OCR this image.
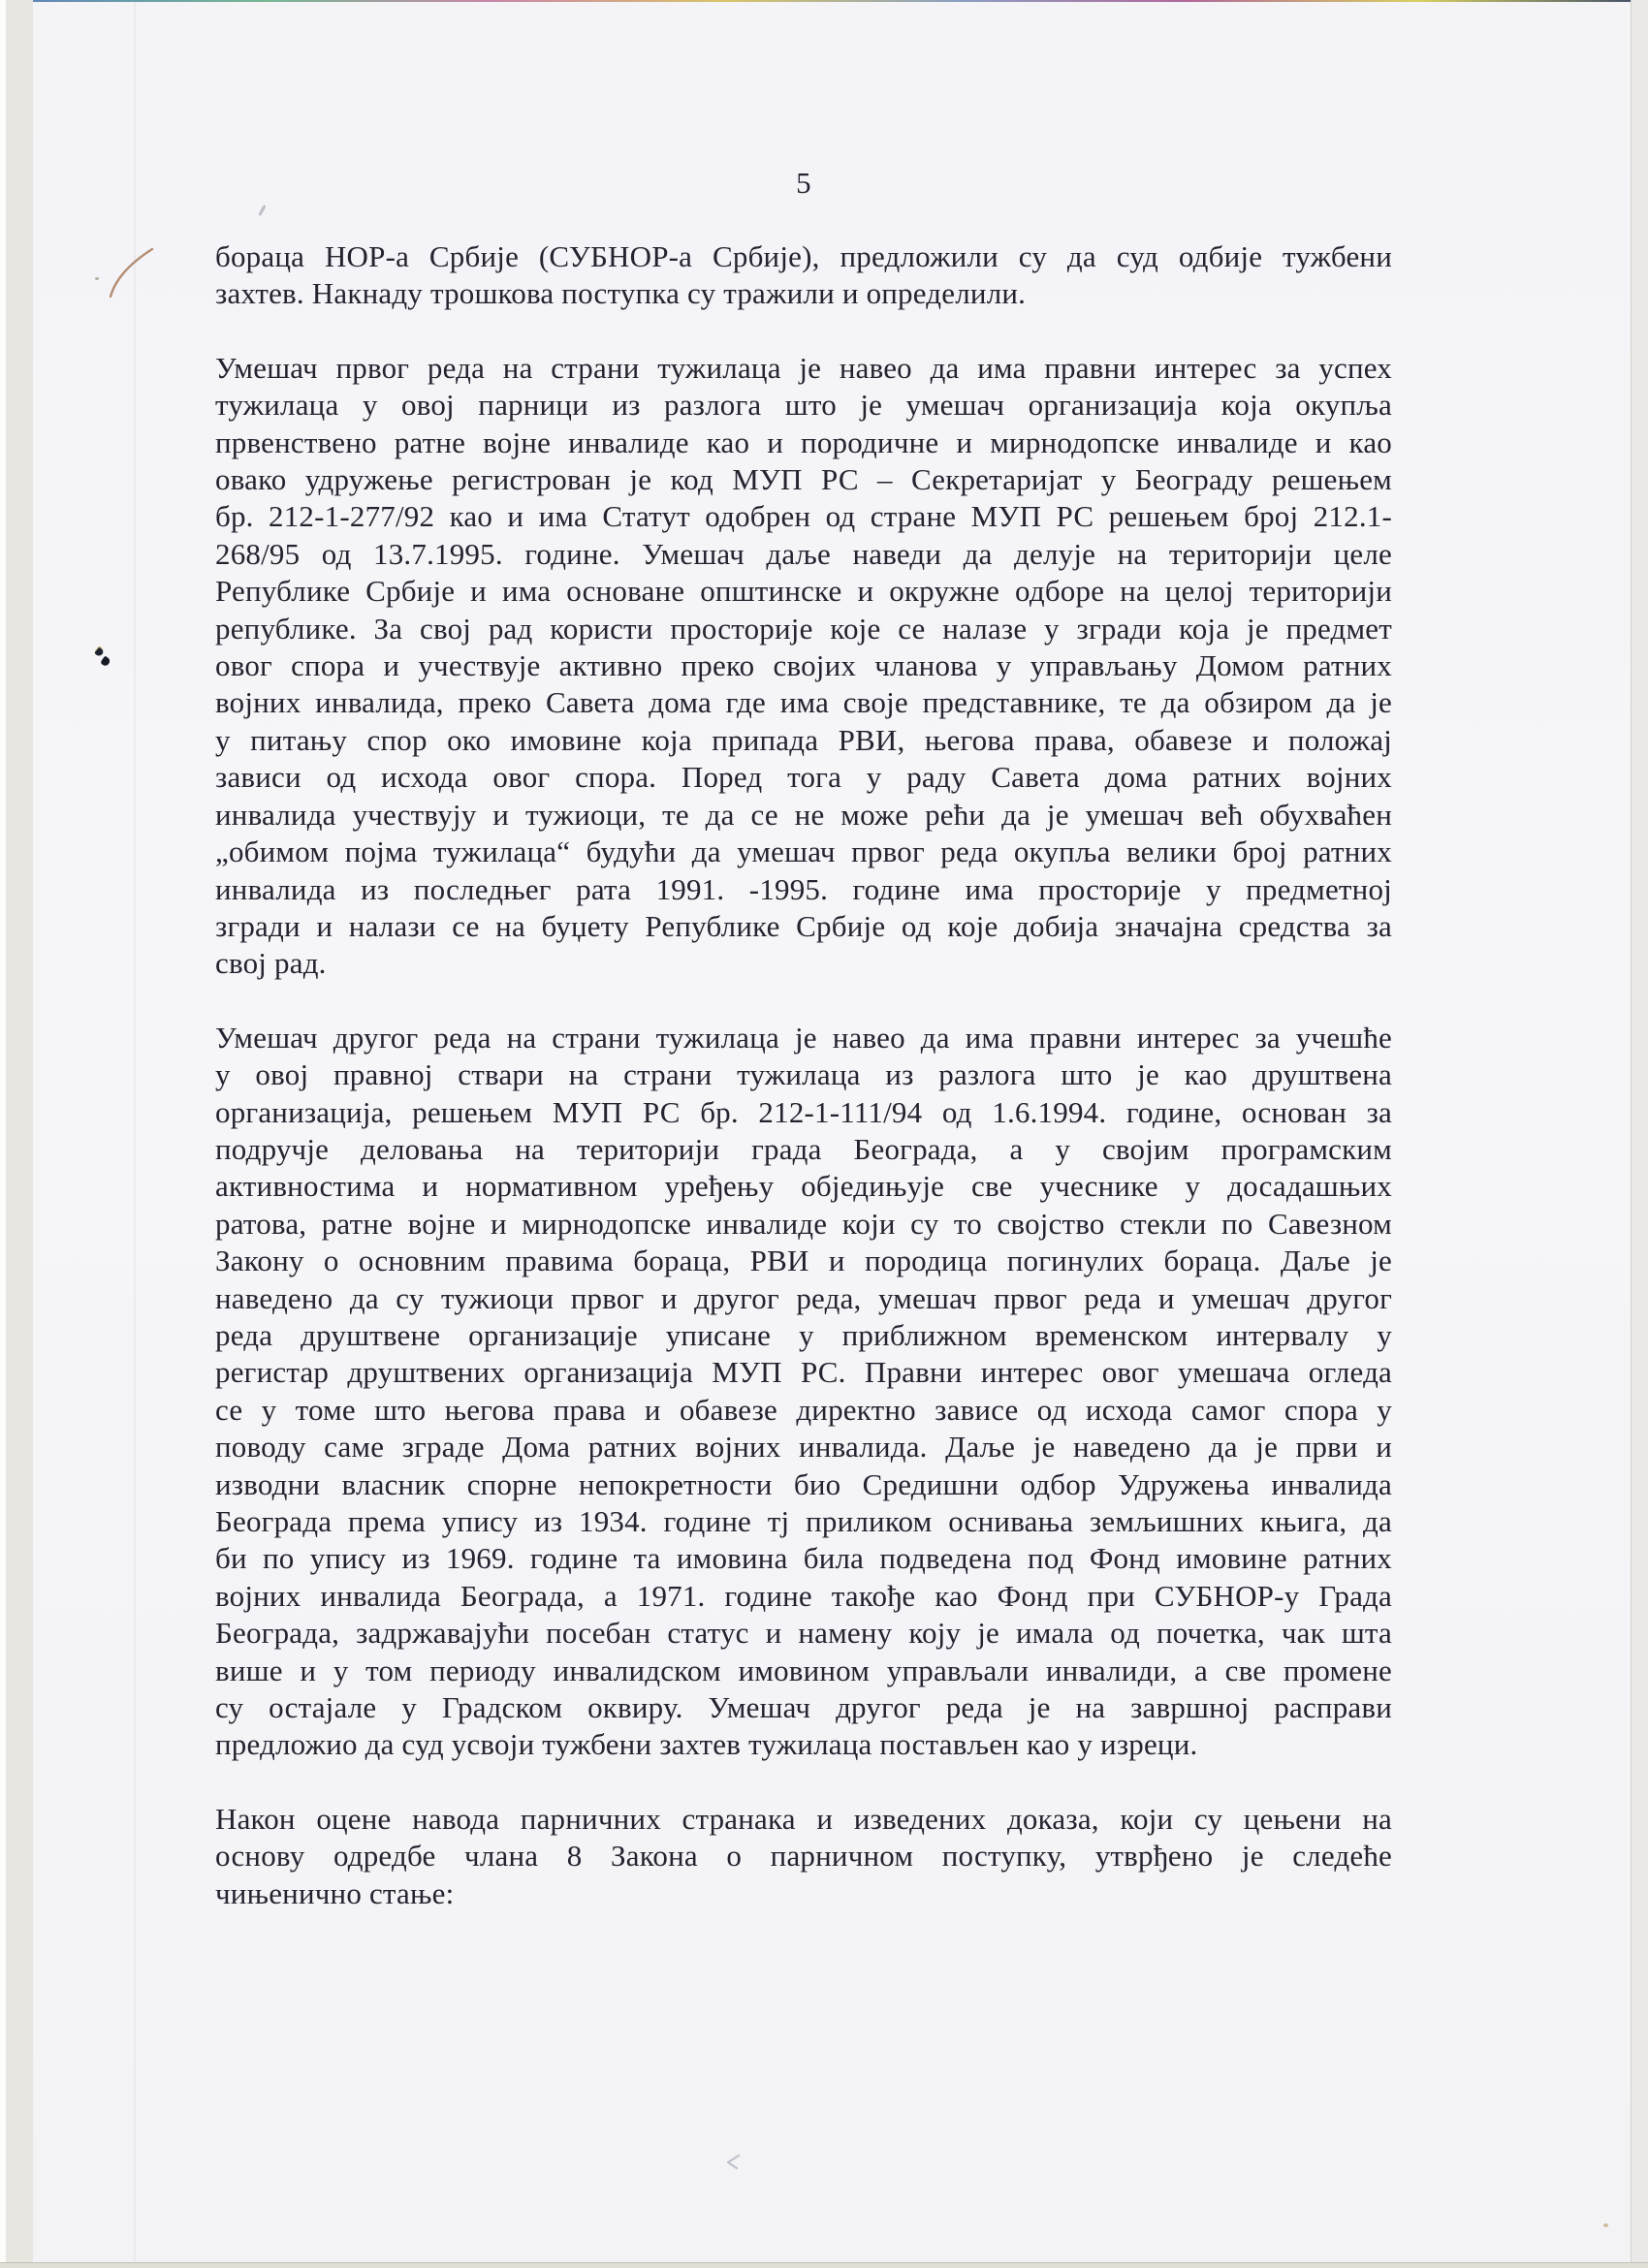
5
бораца НОР-а Србије (СУБНОР-а Србије), предложили су да суд одбије тужбени
захтев. Накнаду трошкова поступка су тражили и определили.
Умешач првог реда на страни тужилаца је навео да има правни интерес за успех
тужилаца у овој парници из разлога што је умешач организација која окупља
првенствено ратне војне инвалиде као и породичне и мирнодопске инвалиде и као
овако удружење регистрован је код МУП РС – Секретаријат у Београду решењем
бр. 212-1-277/92 као и има Статут одобрен од стране МУП РС решењем број 212.1-
268/95 од 13.7.1995. године. Умешач даље наведи да делује на територији целе
Републике Србије и има основане општинске и окружне одборе на целој територији
републике. За свој рад користи просторије које се налазе у згради која је предмет
овог спора и учествује активно преко својих чланова у управљању Домом ратних
војних инвалида, преко Савета дома где има своје представнике, те да обзиром да је
у питању спор око имовине која припада РВИ, његова права, обавезе и положај
зависи од исхода овог спора. Поред тога у раду Савета дома ратних војних
инвалида учествују и тужиоци, те да се не може рећи да је умешач већ обухваћен
„обимом појма тужилаца“ будући да умешач првог реда окупља велики број ратних
инвалида из последњег рата 1991. -1995. године има просторије у предметној
згради и налази се на буџету Републике Србије од које добија значајна средства за
свој рад.
Умешач другог реда на страни тужилаца је навео да има правни интерес за учешће
у овој правној ствари на страни тужилаца из разлога што је као друштвена
организација, решењем МУП РС бр. 212-1-111/94 од 1.6.1994. године, основан за
подручје деловања на територији града Београда, а у својим програмским
активностима и нормативном уређењу обједињује све учеснике у досадашњих
ратова, ратне војне и мирнодопске инвалиде који су то својство стекли по Савезном
Закону о основним правима бораца, РВИ и породица погинулих бораца. Даље је
наведено да су тужиоци првог и другог реда, умешач првог реда и умешач другог
реда друштвене организације уписане у приближном временском интервалу у
регистар друштвених организација МУП РС. Правни интерес овог умешача огледа
се у томе што његова права и обавезе директно зависе од исхода самог спора у
поводу саме зграде Дома ратних војних инвалида. Даље је наведено да је први и
изводни власник спорне непокретности био Средишни одбор Удружења инвалида
Београда према упису из 1934. године тј приликом оснивања земљишних књига, да
би по упису из 1969. године та имовина била подведена под Фонд имовине ратних
војних инвалида Београда, а 1971. године такође као Фонд при СУБНОР-у Града
Београда, задржавајући посебан статус и намену коју је имала од почетка, чак шта
више и у том периоду инвалидском имовином управљали инвалиди, а све промене
су остајале у Градском оквиру. Умешач другог реда је на завршној расправи
предложио да суд усвоји тужбени захтев тужилаца постављен као у изреци.
Након оцене навода парничних странака и изведених доказа, који су цењени на
основу одредбе члана 8 Закона о парничном поступку, утврђено је следеће
чињенично стање:
